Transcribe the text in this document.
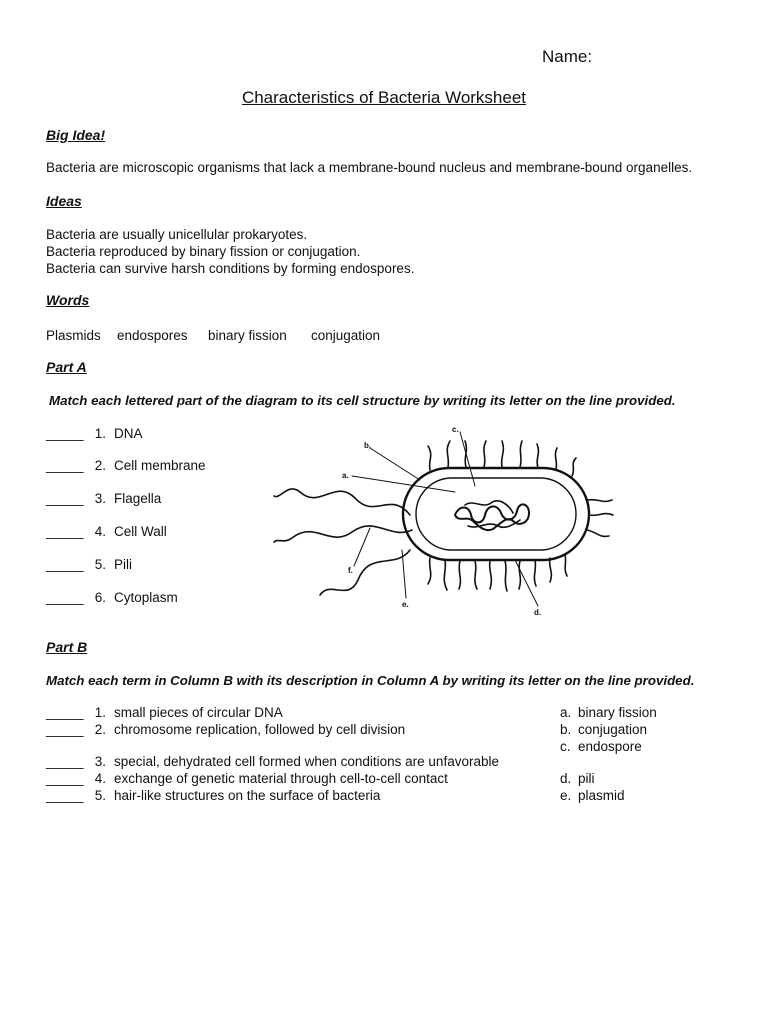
Name:
Characteristics of Bacteria Worksheet
Big Idea!
Bacteria are microscopic organisms that lack a membrane-bound nucleus and membrane-bound organelles.
Ideas
Bacteria are usually unicellular prokaryotes.
Bacteria reproduced by binary fission or conjugation.
Bacteria can survive harsh conditions by forming endospores.
Words
Plasmids endospores binary fission conjugation
Part A
Match each lettered part of the diagram to its cell structure by writing its letter on the line provided.
_____ 1. DNA
_____ 2. Cell membrane
_____ 3. Flagella
_____ 4. Cell Wall
_____ 5. Pili
_____ 6. Cytoplasm
a.
b.
c.
d.
e.
f.
Part B
Match each term in Column B with its description in Column A by writing its letter on the line provided.
_____ 1. small pieces of circular DNA
_____ 2. chromosome replication, followed by cell division
_____ 3. special, dehydrated cell formed when conditions are unfavorable
_____ 4. exchange of genetic material through cell-to-cell contact
_____ 5. hair-like structures on the surface of bacteria
a. binary fission
b. conjugation
c. endospore
d. pili
e. plasmid
